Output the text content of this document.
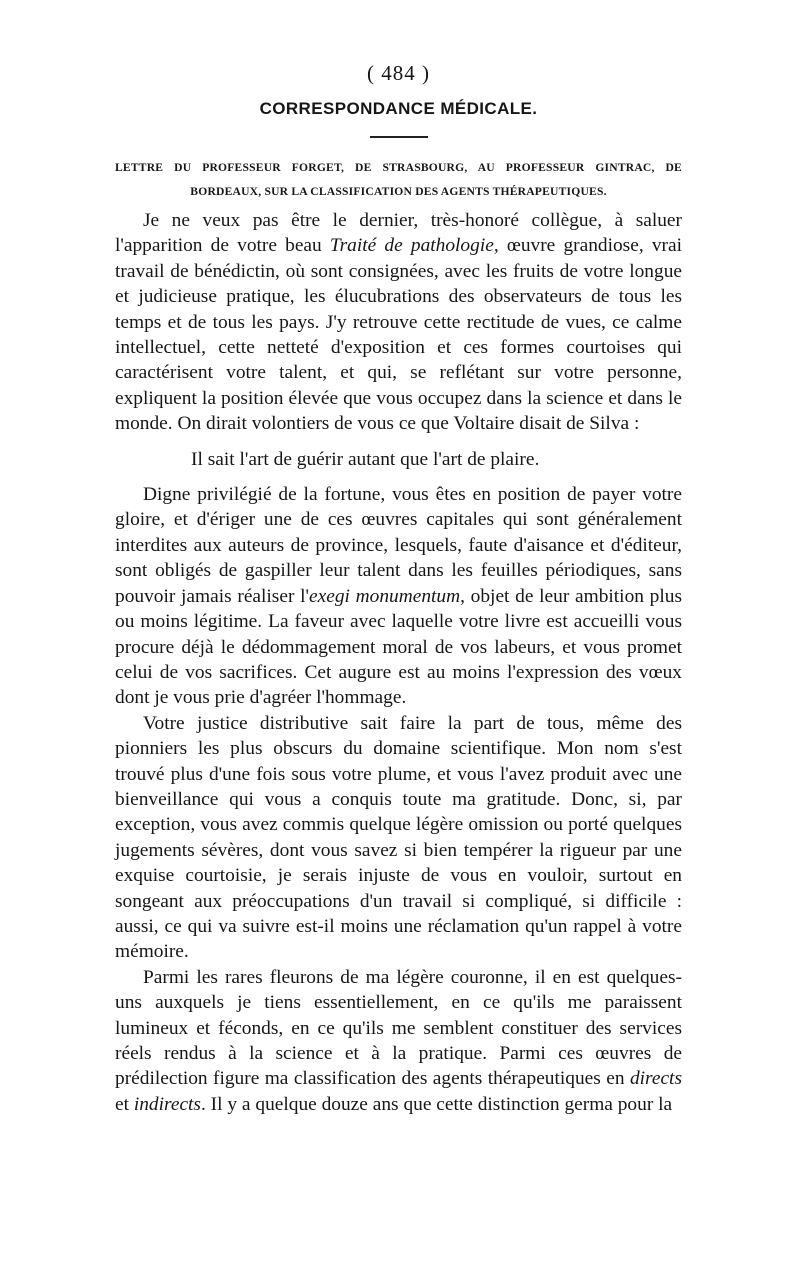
( 484 )
CORRESPONDANCE MÉDICALE.
LETTRE DU PROFESSEUR FORGET, DE STRASBOURG, AU PROFESSEUR GINTRAC, DE BORDEAUX, SUR LA CLASSIFICATION DES AGENTS THÉRAPEUTIQUES.

Je ne veux pas être le dernier, très-honoré collègue, à saluer l'apparition de votre beau Traité de pathologie, œuvre grandiose, vrai travail de bénédictin, où sont consignées, avec les fruits de votre longue et judicieuse pratique, les élucubrations des observateurs de tous les temps et de tous les pays. J'y retrouve cette rectitude de vues, ce calme intellectuel, cette netteté d'exposition et ces formes courtoises qui caractérisent votre talent, et qui, se reflétant sur votre personne, expliquent la position élevée que vous occupez dans la science et dans le monde. On dirait volontiers de vous ce que Voltaire disait de Silva :

Il sait l'art de guérir autant que l'art de plaire.

Digne privilégié de la fortune, vous êtes en position de payer votre gloire, et d'ériger une de ces œuvres capitales qui sont généralement interdites aux auteurs de province, lesquels, faute d'aisance et d'éditeur, sont obligés de gaspiller leur talent dans les feuilles périodiques, sans pouvoir jamais réaliser l'exegi monumentum, objet de leur ambition plus ou moins légitime. La faveur avec laquelle votre livre est accueilli vous procure déjà le dédommagement moral de vos labeurs, et vous promet celui de vos sacrifices. Cet augure est au moins l'expression des vœux dont je vous prie d'agréer l'hommage.

Votre justice distributive sait faire la part de tous, même des pionniers les plus obscurs du domaine scientifique. Mon nom s'est trouvé plus d'une fois sous votre plume, et vous l'avez produit avec une bienveillance qui vous a conquis toute ma gratitude. Donc, si, par exception, vous avez commis quelque légère omission ou porté quelques jugements sévères, dont vous savez si bien tempérer la rigueur par une exquise courtoisie, je serais injuste de vous en vouloir, surtout en songeant aux préoccupations d'un travail si compliqué, si difficile : aussi, ce qui va suivre est-il moins une réclamation qu'un rappel à votre mémoire.

Parmi les rares fleurons de ma légère couronne, il en est quelques-uns auxquels je tiens essentiellement, en ce qu'ils me paraissent lumineux et féconds, en ce qu'ils me semblent constituer des services réels rendus à la science et à la pratique. Parmi ces œuvres de prédilection figure ma classification des agents thérapeutiques en directs et indirects. Il y a quelque douze ans que cette distinction germa pour la
